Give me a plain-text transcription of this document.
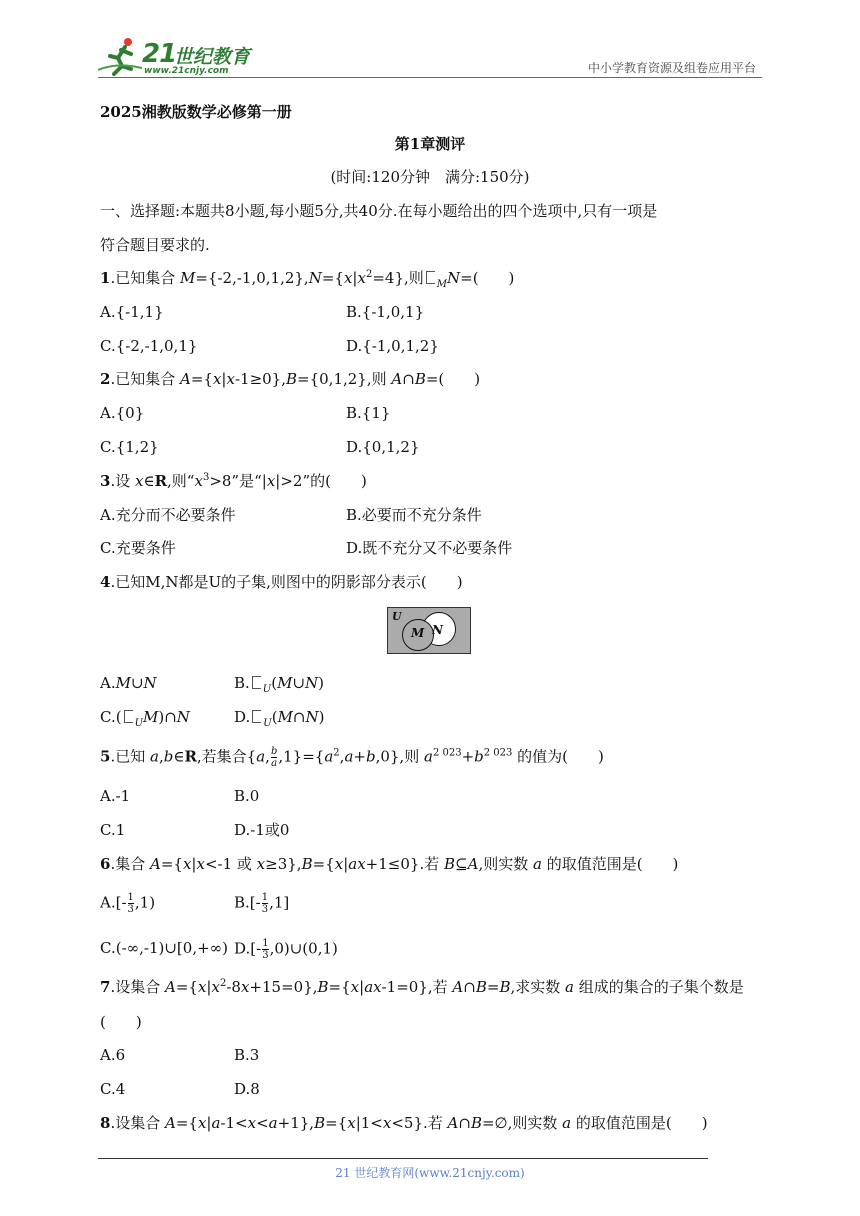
21
世纪教育
www.21cnjy.com	中小学教育资源及组卷应用平台
2025湘教版数学必修第一册
第1章测评
(时间:120分钟　满分:150分)
一、选择题:本题共8小题,每小题5分,共40分.在每小题给出的四个选项中,只有一项是
符合题目要求的.
1.已知集合 $M=\{-2,-1,0,1,2\},N=\{x|x^2=4\}$,则 $_M$N=(　　)
A.{-1,1}	B.{-1,0,1}
C.{-2,-1,0,1}	D.{-1,0,1,2}
2.已知集合 A={x|x-1≥0},B={0,1,2},则 A∩B=(　　)
A.{0}	B.{1}
C.{1,2}	D.{0,1,2}
3.设 x∈R,则“$x^3>8$”是“|x|>2”的(　　)
A.充分而不必要条件	B.必要而不充分条件
C.充要条件	D.既不充分又不必要条件
4.已知M,N都是U的子集,则图中的阴影部分表示(　　)
U
M N
A.M∪N	B. $_U$(M∪N)
C.( $_U$M)∩N	D. $_U$(M∩N)
5.已知 a,b∈R,若集合{a, $\frac{b}{a} ,1\}=\{a^2,a+b,0\}$,则 $a^{2 023}+b^{2 023}$ 的值为(　　)
A.-1	B.0
C.1	D.-1或0
6.集合 A={x|x<-1 或 x≥3},B={x|ax+1≤0}.若 B⊆A,则实数 a 的取值范围是(　　)
$A.[- \frac{1}{3} ,1)$	$B.[- \frac{1}{3} ,1]$
C.(-∞,-1)∪[0,+∞) $D.[- \frac{1}{3}$ ,0)∪(0,1)
7.设集合 $A=\{x|x^2-8x+15=0\},B=\{x|ax-1=0\}$,若 A∩B=B,求实数 a 组成的集合的子集个数是
(　　)
A.6	B.3
C.4	D.8
8.设集合 A={x|a-1<x<a+1},B={x|1<x<5}.若 A∩B=∅,则实数 a 的取值范围是(　　)
21 世纪教育网(www.21cnjy.com)
